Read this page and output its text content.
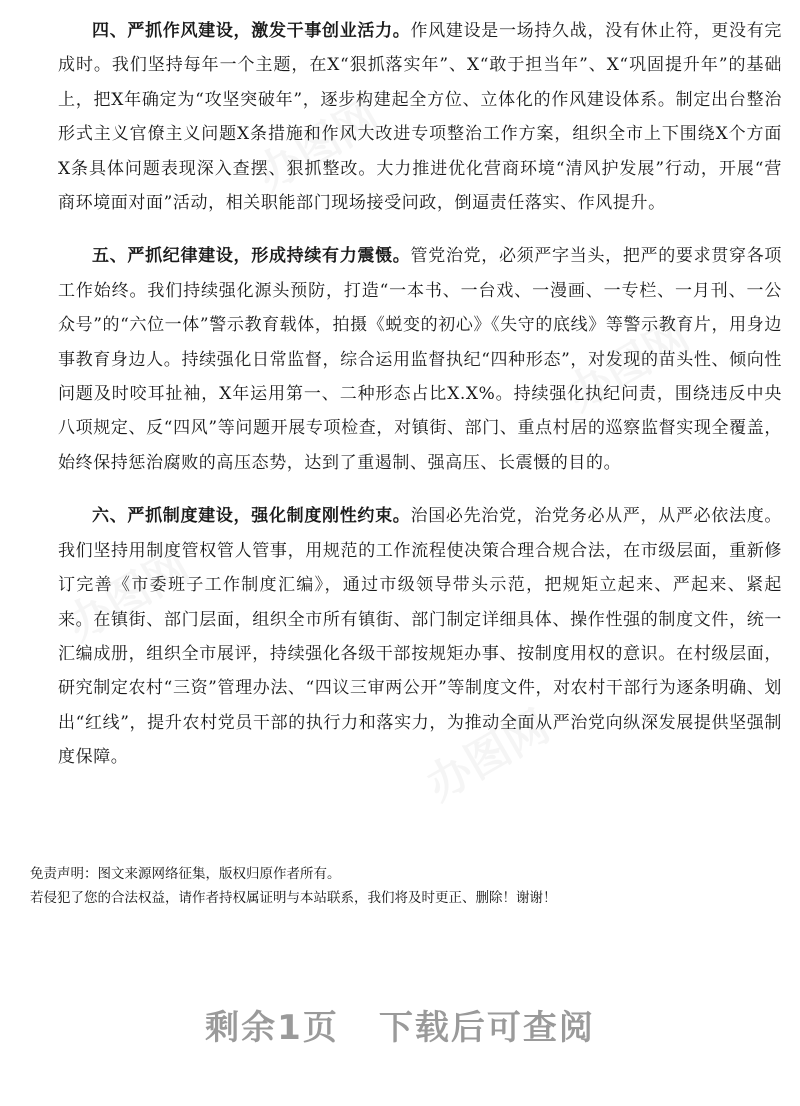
办图网
办图网
办图网
办图网

四、严抓作风建设，激发干事创业活力。作风建设是一场持久战，没有休止符，更没有完成时。我们坚持每年一个主题，在X“狠抓落实年”、X“敢于担当年”、X“巩固提升年”的基础上，把X年确定为“攻坚突破年”，逐步构建起全方位、立体化的作风建设体系。制定出台整治形式主义官僚主义问题X条措施和作风大改进专项整治工作方案，组织全市上下围绕X个方面X条具体问题表现深入查摆、狠抓整改。大力推进优化营商环境“清风护发展”行动，开展“营商环境面对面”活动，相关职能部门现场接受问政，倒逼责任落实、作风提升。

五、严抓纪律建设，形成持续有力震慑。管党治党，必须严字当头，把严的要求贯穿各项工作始终。我们持续强化源头预防，打造“一本书、一台戏、一漫画、一专栏、一月刊、一公众号”的“六位一体”警示教育载体，拍摄《蜕变的初心》《失守的底线》等警示教育片，用身边事教育身边人。持续强化日常监督，综合运用监督执纪“四种形态”，对发现的苗头性、倾向性问题及时咬耳扯袖，X年运用第一、二种形态占比X.X%。持续强化执纪问责，围绕违反中央八项规定、反“四风”等问题开展专项检查，对镇街、部门、重点村居的巡察监督实现全覆盖，始终保持惩治腐败的高压态势，达到了重遏制、强高压、长震慑的目的。

六、严抓制度建设，强化制度刚性约束。治国必先治党，治党务必从严，从严必依法度。我们坚持用制度管权管人管事，用规范的工作流程使决策合理合规合法，在市级层面，重新修订完善《市委班子工作制度汇编》，通过市级领导带头示范，把规矩立起来、严起来、紧起来。在镇街、部门层面，组织全市所有镇街、部门制定详细具体、操作性强的制度文件，统一汇编成册，组织全市展评，持续强化各级干部按规矩办事、按制度用权的意识。在村级层面，研究制定农村“三资”管理办法、“四议三审两公开”等制度文件，对农村干部行为逐条明确、划出“红线”，提升农村党员干部的执行力和落实力，为推动全面从严治党向纵深发展提供坚强制度保障。

免责声明：图文来源网络征集，版权归原作者所有。
若侵犯了您的合法权益，请作者持权属证明与本站联系，我们将及时更正、删除！谢谢！
剩余1页 下载后可查阅
